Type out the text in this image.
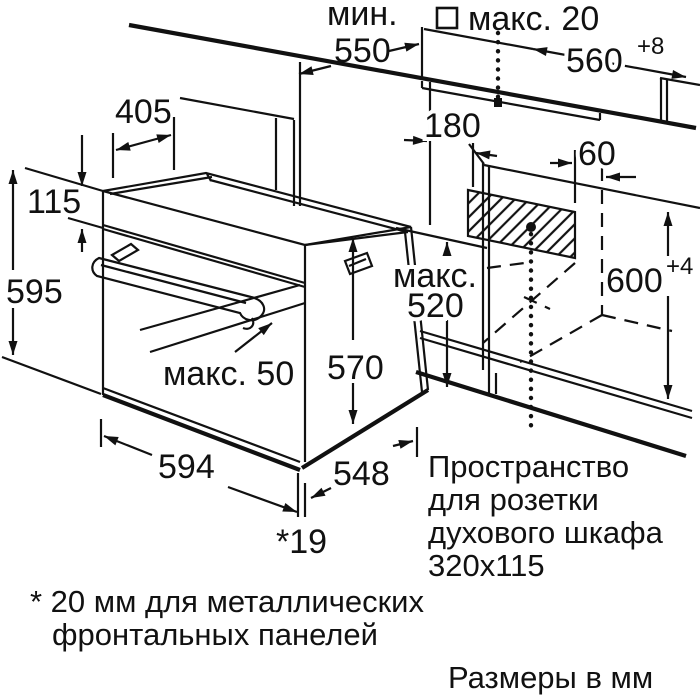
мин.
550
макс. 20
560 +8
405
115
595
180
60
макс.
520
600 +4
макс. 50 570
594	548
*19
Пространство
для розетки
духового шкафа
320x115
* 20 мм для металлических
фронтальных панелей
Размеры в мм
